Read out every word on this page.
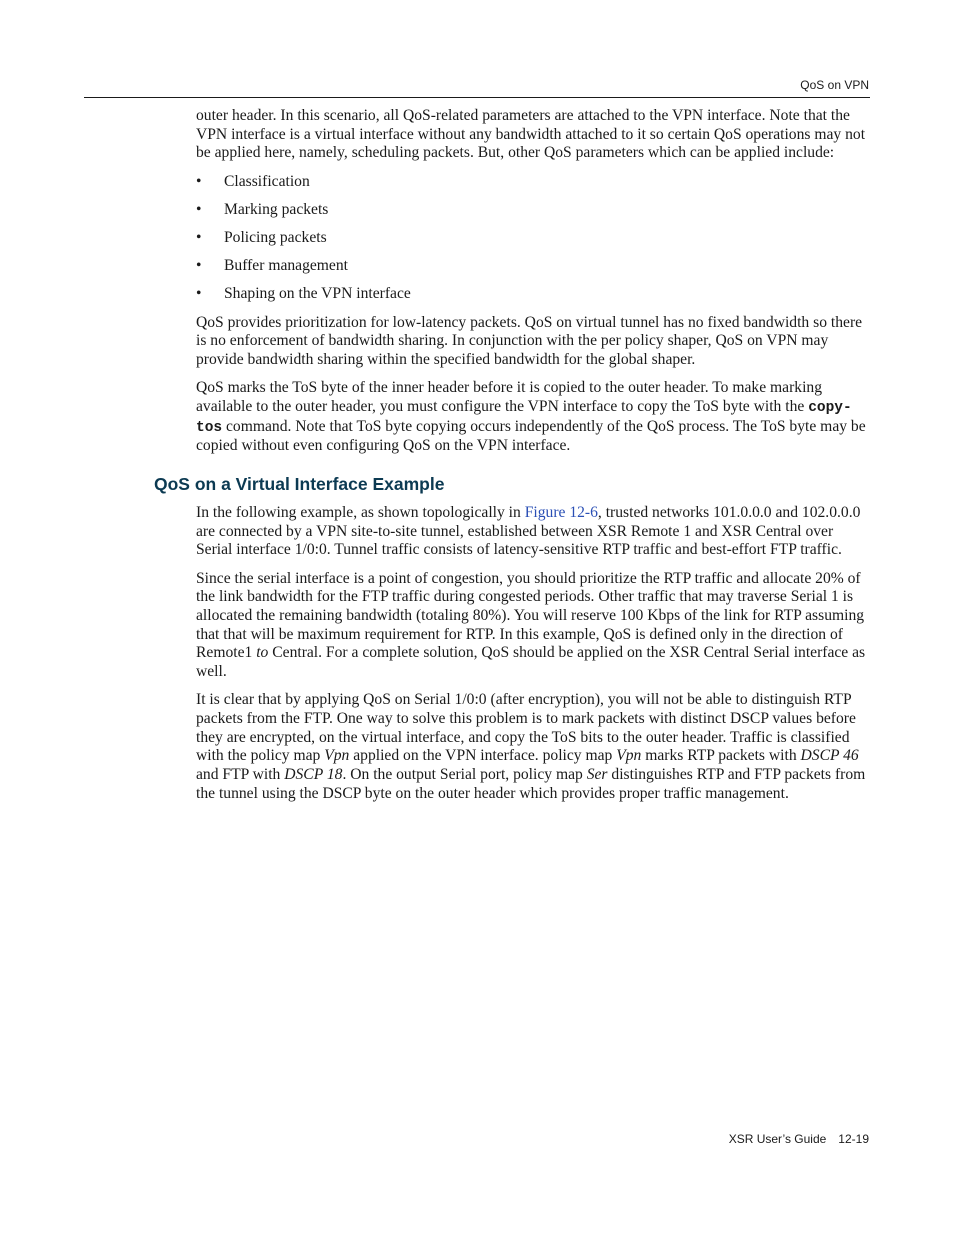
QoS on VPN

outer header. In this scenario, all QoS-related parameters are attached to the VPN interface. Note that the VPN interface is a virtual interface without any bandwidth attached to it so certain QoS operations may not be applied here, namely, scheduling packets. But, other QoS parameters which can be applied include:

• Classification
• Marking packets
• Policing packets
• Buffer management
• Shaping on the VPN interface

QoS provides prioritization for low-latency packets. QoS on virtual tunnel has no fixed bandwidth so there is no enforcement of bandwidth sharing. In conjunction with the per policy shaper, QoS on VPN may provide bandwidth sharing within the specified bandwidth for the global shaper.

QoS marks the ToS byte of the inner header before it is copied to the outer header. To make marking available to the outer header, you must configure the VPN interface to copy the ToS byte with the copy-tos command. Note that ToS byte copying occurs independently of the QoS process. The ToS byte may be copied without even configuring QoS on the VPN interface.

QoS on a Virtual Interface Example

In the following example, as shown topologically in Figure 12-6, trusted networks 101.0.0.0 and 102.0.0.0 are connected by a VPN site-to-site tunnel, established between XSR Remote 1 and XSR Central over Serial interface 1/0:0. Tunnel traffic consists of latency-sensitive RTP traffic and best-effort FTP traffic.

Since the serial interface is a point of congestion, you should prioritize the RTP traffic and allocate 20% of the link bandwidth for the FTP traffic during congested periods. Other traffic that may traverse Serial 1 is allocated the remaining bandwidth (totaling 80%). You will reserve 100 Kbps of the link for RTP assuming that that will be maximum requirement for RTP. In this example, QoS is defined only in the direction of Remote1 to Central. For a complete solution, QoS should be applied on the XSR Central Serial interface as well.

It is clear that by applying QoS on Serial 1/0:0 (after encryption), you will not be able to distinguish RTP packets from the FTP. One way to solve this problem is to mark packets with distinct DSCP values before they are encrypted, on the virtual interface, and copy the ToS bits to the outer header. Traffic is classified with the policy map Vpn applied on the VPN interface. policy map Vpn marks RTP packets with DSCP 46 and FTP with DSCP 18. On the output Serial port, policy map Ser distinguishes RTP and FTP packets from the tunnel using the DSCP byte on the outer header which provides proper traffic management.

XSR User’s Guide 12-19
